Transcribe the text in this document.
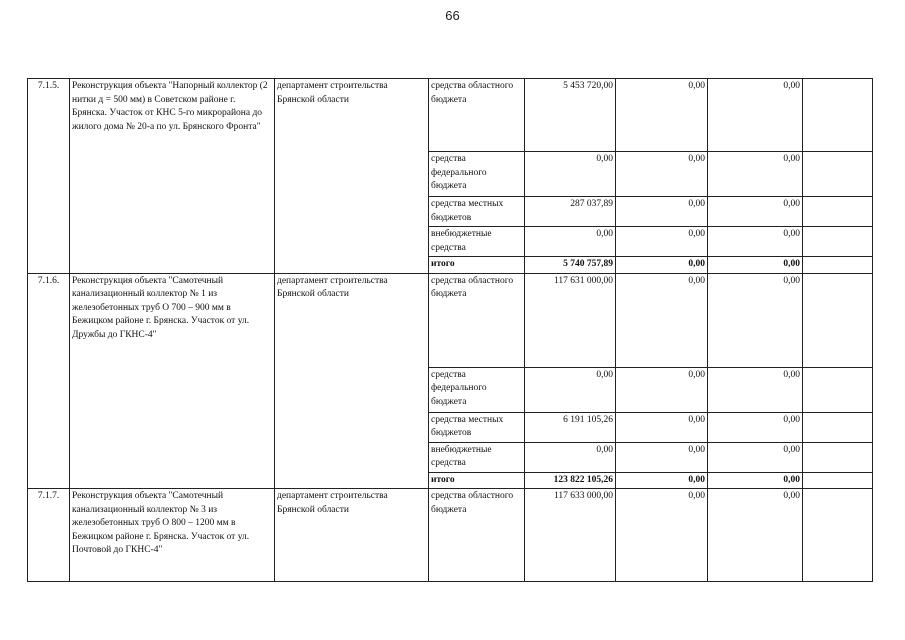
66
7.1.5.	Реконструкция объекта "Напорный коллектор (2 нитки д = 500 мм) в Советском районе г. Брянска. Участок от КНС 5-го микрорайона до жилого дома № 20-а по ул. Брянского Фронта"	департамент строительства Брянской области	средства областного бюджета	5 453 720,00	0,00	0,00	
			средства федерального бюджета	0,00	0,00	0,00	
			средства местных бюджетов	287 037,89	0,00	0,00	
			внебюджетные средства	0,00	0,00	0,00	
			итого	5 740 757,89	0,00	0,00	
7.1.6.	Реконструкция объекта "Самотечный канализационный коллектор № 1 из железобетонных труб О 700 – 900 мм в Бежицком районе г. Брянска. Участок от ул. Дружбы до ГКНС-4"	департамент строительства Брянской области	средства областного бюджета	117 631 000,00	0,00	0,00	
			средства федерального бюджета	0,00	0,00	0,00	
			средства местных бюджетов	6 191 105,26	0,00	0,00	
			внебюджетные средства	0,00	0,00	0,00	
			итого	123 822 105,26	0,00	0,00	
7.1.7.	Реконструкция объекта "Самотечный канализационный коллектор № 3 из железобетонных труб О 800 – 1200 мм в Бежицком районе г. Брянска. Участок от ул. Почтовой до ГКНС-4"	департамент строительства Брянской области	средства областного бюджета	117 633 000,00	0,00	0,00	
